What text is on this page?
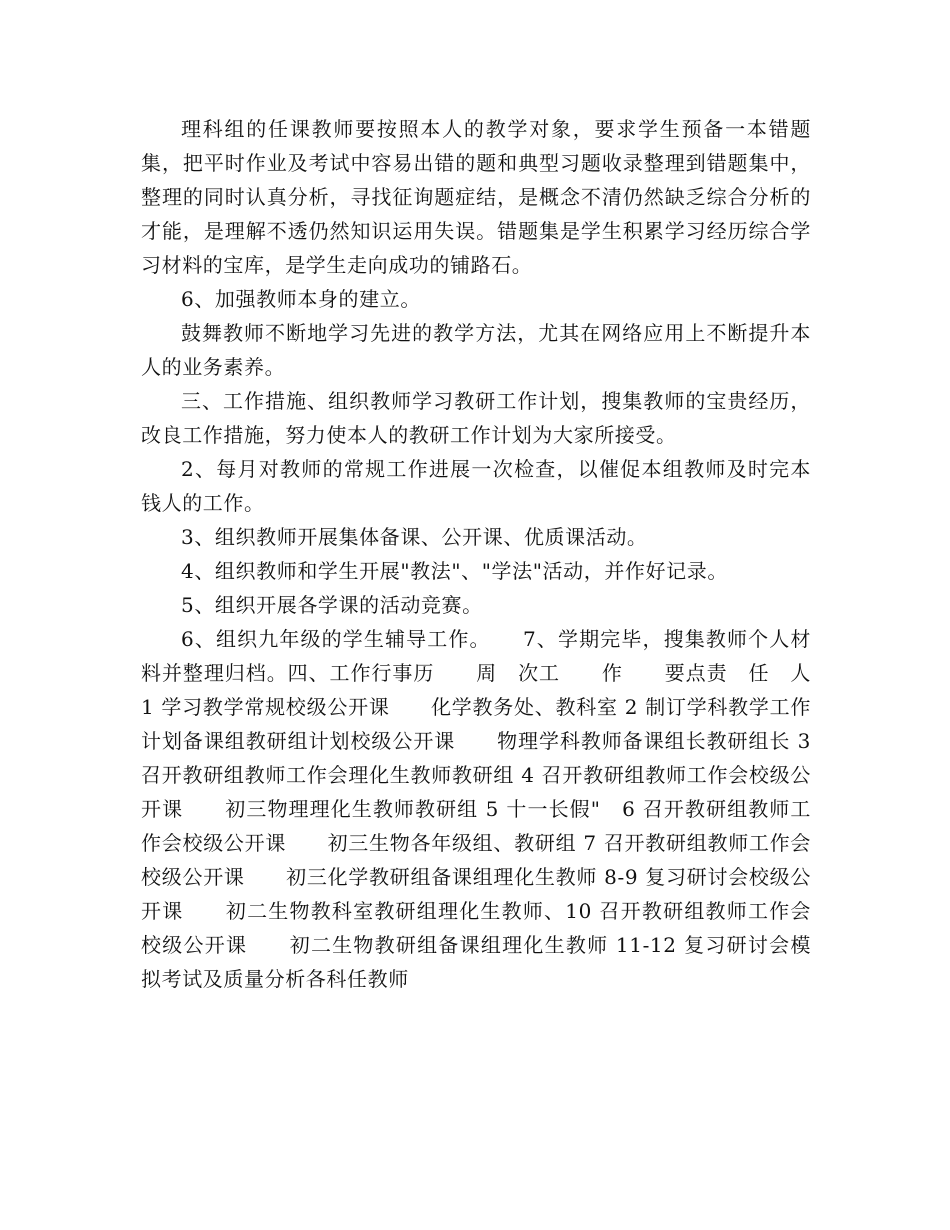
理科组的任课教师要按照本人的教学对象，要求学生预备一本错题集，把平时作业及考试中容易出错的题和典型习题收录整理到错题集中，整理的同时认真分析，寻找征询题症结，是概念不清仍然缺乏综合分析的才能，是理解不透仍然知识运用失误。错题集是学生积累学习经历综合学习材料的宝库，是学生走向成功的铺路石。

6、加强教师本身的建立。

鼓舞教师不断地学习先进的教学方法，尤其在网络应用上不断提升本人的业务素养。

三、工作措施、组织教师学习教研工作计划，搜集教师的宝贵经历，改良工作措施，努力使本人的教研工作计划为大家所接受。

2、每月对教师的常规工作进展一次检查，以催促本组教师及时完本钱人的工作。

3、组织教师开展集体备课、公开课、优质课活动。

4、组织教师和学生开展"教法"、"学法"活动，并作好记录。

5、组织开展各学课的活动竞赛。

6、组织九年级的学生辅导工作。　　7、学期完毕，搜集教师个人材料并整理归档。四、工作行事历　　周　次工　　作　　要点责　任　人 1 学习教学常规校级公开课　　化学教务处、教科室 2 制订学科教学工作计划备课组教研组计划校级公开课　　物理学科教师备课组长教研组长 3 召开教研组教师工作会理化生教师教研组 4 召开教研组教师工作会校级公开课　　初三物理理化生教师教研组 5 十一长假"　6 召开教研组教师工作会校级公开课　　初三生物各年级组、教研组 7 召开教研组教师工作会校级公开课　　初三化学教研组备课组理化生教师 8-9 复习研讨会校级公开课　　初二生物教科室教研组理化生教师、10 召开教研组教师工作会校级公开课　　初二生物教研组备课组理化生教师 11-12 复习研讨会模拟考试及质量分析各科任教师
